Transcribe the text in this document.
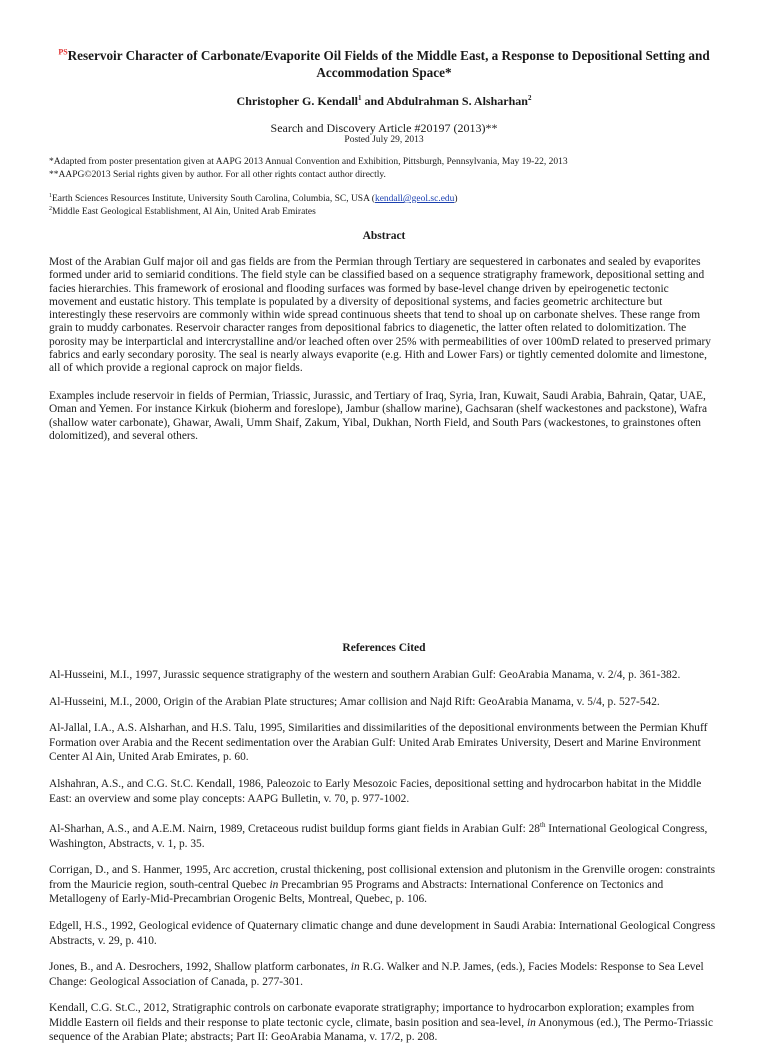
$^{PS}$Reservoir Character of Carbonate/Evaporite Oil Fields of the Middle East, a Response to Depositional Setting and Accommodation Space*
Christopher G. Kendall$^1$ and Abdulrahman S. Alsharhan$^2$
Search and Discovery Article #20197 (2013)**
Posted July 29, 2013
*Adapted from poster presentation given at AAPG 2013 Annual Convention and Exhibition, Pittsburgh, Pennsylvania, May 19-22, 2013
**AAPG©2013 Serial rights given by author. For all other rights contact author directly.
$^1$Earth Sciences Resources Institute, University South Carolina, Columbia, SC, USA (kendall@geol.sc.edu)
$^2$Middle East Geological Establishment, Al Ain, United Arab Emirates
Abstract
Most of the Arabian Gulf major oil and gas fields are from the Permian through Tertiary are sequestered in carbonates and sealed by evaporites formed under arid to semiarid conditions. The field style can be classified based on a sequence stratigraphy framework, depositional setting and facies hierarchies. This framework of erosional and flooding surfaces was formed by base-level change driven by epeirogenetic tectonic movement and eustatic history. This template is populated by a diversity of depositional systems, and facies geometric architecture but interestingly these reservoirs are commonly within wide spread continuous sheets that tend to shoal up on carbonate shelves. These range from grain to muddy carbonates. Reservoir character ranges from depositional fabrics to diagenetic, the latter often related to dolomitization. The porosity may be interparticlal and intercrystalline and/or leached often over 25% with permeabilities of over 100mD related to preserved primary fabrics and early secondary porosity. The seal is nearly always evaporite (e.g. Hith and Lower Fars) or tightly cemented dolomite and limestone, all of which provide a regional caprock on major fields.
Examples include reservoir in fields of Permian, Triassic, Jurassic, and Tertiary of Iraq, Syria, Iran, Kuwait, Saudi Arabia, Bahrain, Qatar, UAE, Oman and Yemen. For instance Kirkuk (bioherm and foreslope), Jambur (shallow marine), Gachsaran (shelf wackestones and packstone), Wafra (shallow water carbonate), Ghawar, Awali, Umm Shaif, Zakum, Yibal, Dukhan, North Field, and South Pars (wackestones, to grainstones often dolomitized), and several others.
References Cited

Al-Husseini, M.I., 1997, Jurassic sequence stratigraphy of the western and southern Arabian Gulf: GeoArabia Manama, v. 2/4, p. 361-382.

Al-Husseini, M.I., 2000, Origin of the Arabian Plate structures; Amar collision and Najd Rift: GeoArabia Manama, v. 5/4, p. 527-542.

Al-Jallal, I.A., A.S. Alsharhan, and H.S. Talu, 1995, Similarities and dissimilarities of the depositional environments between the Permian Khuff Formation over Arabia and the Recent sedimentation over the Arabian Gulf: United Arab Emirates University, Desert and Marine Environment Center Al Ain, United Arab Emirates, p. 60.

Alshahran, A.S., and C.G. St.C. Kendall, 1986, Paleozoic to Early Mesozoic Facies, depositional setting and hydrocarbon habitat in the Middle East: an overview and some play concepts: AAPG Bulletin, v. 70, p. 977-1002.

Al-Sharhan, A.S., and A.E.M. Nairn, 1989, Cretaceous rudist buildup forms giant fields in Arabian Gulf: 28th International Geological Congress, Washington, Abstracts, v. 1, p. 35.

Corrigan, D., and S. Hanmer, 1995, Arc accretion, crustal thickening, post collisional extension and plutonism in the Grenville orogen: constraints from the Mauricie region, south-central Quebec in Precambrian 95 Programs and Abstracts: International Conference on Tectonics and Metallogeny of Early-Mid-Precambrian Orogenic Belts, Montreal, Quebec, p. 106.

Edgell, H.S., 1992, Geological evidence of Quaternary climatic change and dune development in Saudi Arabia: International Geological Congress Abstracts, v. 29, p. 410.

Jones, B., and A. Desrochers, 1992, Shallow platform carbonates, in R.G. Walker and N.P. James, (eds.), Facies Models: Response to Sea Level Change: Geological Association of Canada, p. 277-301.

Kendall, C.G. St.C., 2012, Stratigraphic controls on carbonate evaporate stratigraphy; importance to hydrocarbon exploration; examples from Middle Eastern oil fields and their response to plate tectonic cycle, climate, basin position and sea-level, in Anonymous (ed.), The Permo-Triassic sequence of the Arabian Plate; abstracts; Part II: GeoArabia Manama, v. 17/2, p. 208.
